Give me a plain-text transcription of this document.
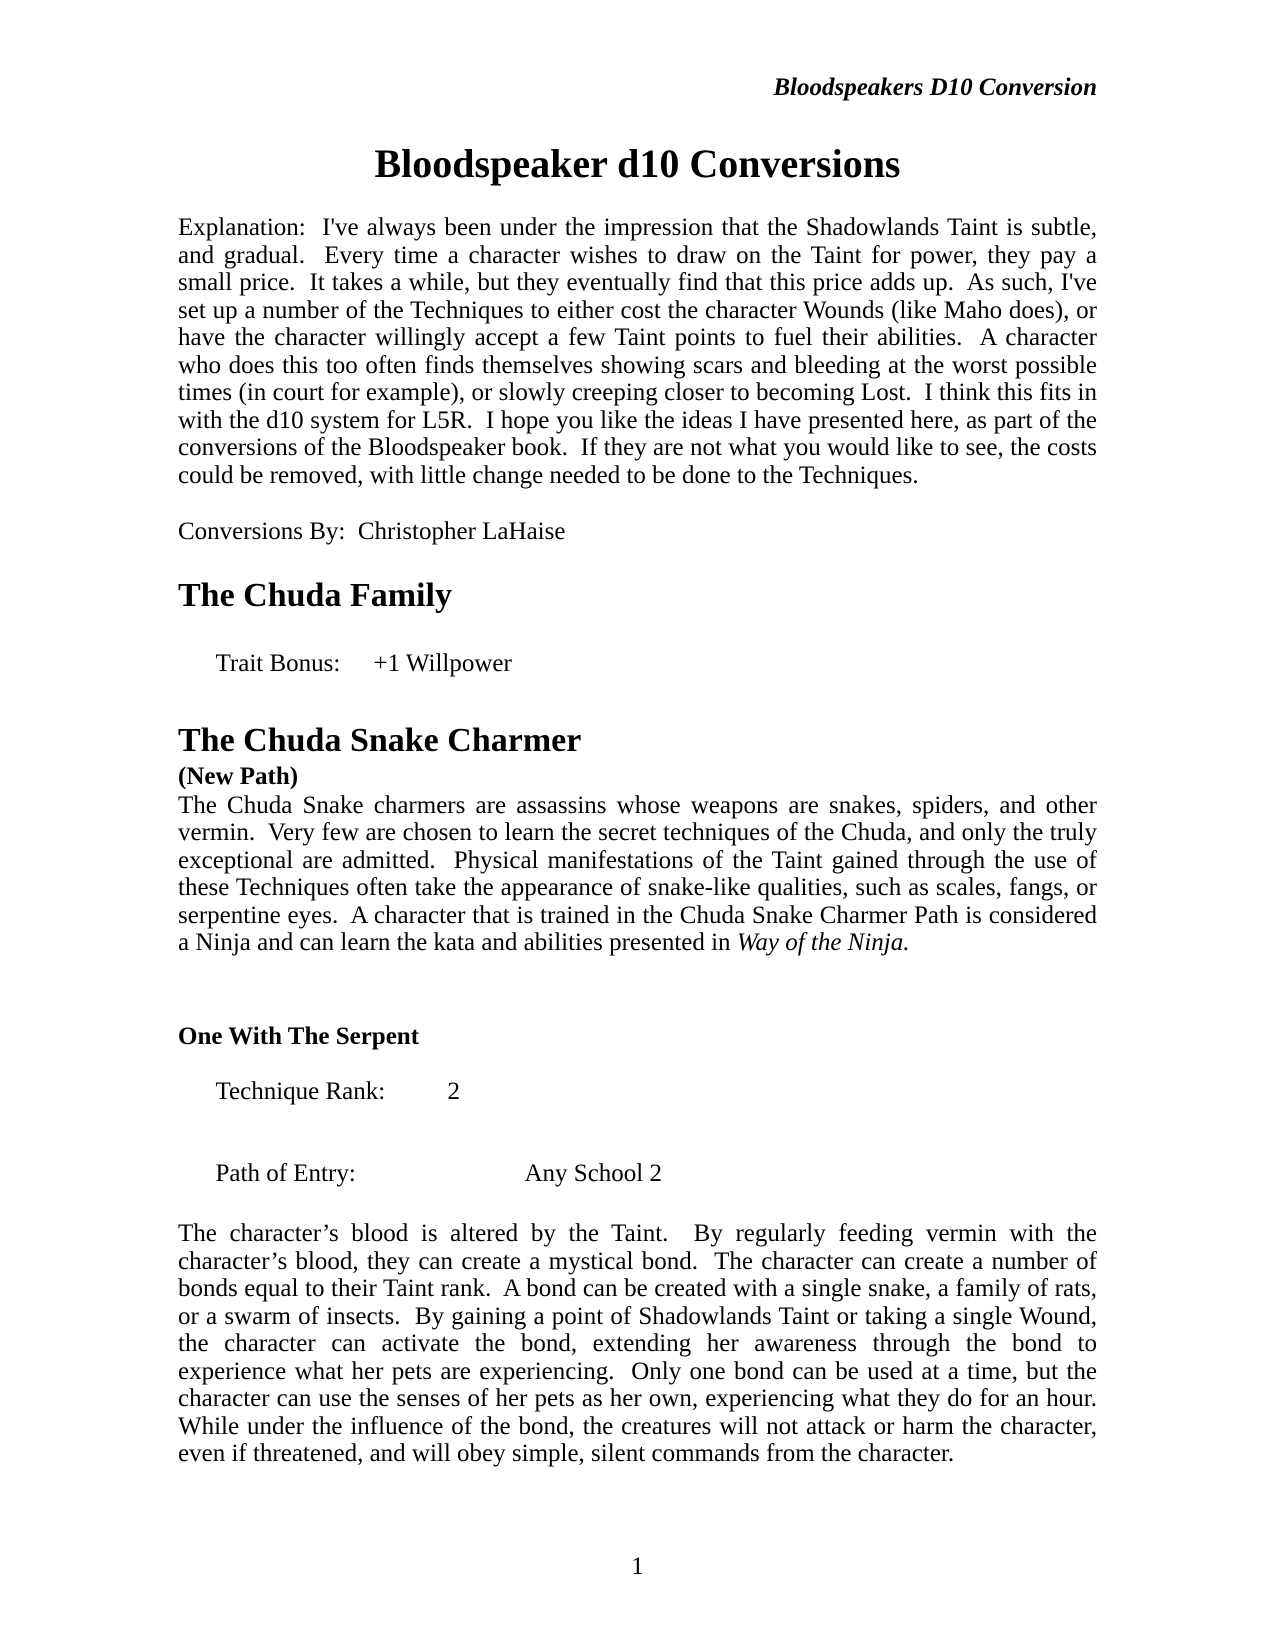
Bloodspeakers D10 Conversion
Bloodspeaker d10 Conversions

Explanation:  I've always been under the impression that the Shadowlands Taint is subtle, and gradual.  Every time a character wishes to draw on the Taint for power, they pay a small price.  It takes a while, but they eventually find that this price adds up.  As such, I've set up a number of the Techniques to either cost the character Wounds (like Maho does), or have the character willingly accept a few Taint points to fuel their abilities.  A character who does this too often finds themselves showing scars and bleeding at the worst possible times (in court for example), or slowly creeping closer to becoming Lost.  I think this fits in with the d10 system for L5R.  I hope you like the ideas I have presented here, as part of the conversions of the Bloodspeaker book.  If they are not what you would like to see, the costs could be removed, with little change needed to be done to the Techniques.

Conversions By:  Christopher LaHaise
The Chuda Family

Trait Bonus: +1 Willpower

The Chuda Snake Charmer
(New Path)

The Chuda Snake charmers are assassins whose weapons are snakes, spiders, and other vermin.  Very few are chosen to learn the secret techniques of the Chuda, and only the truly exceptional are admitted.  Physical manifestations of the Taint gained through the use of these Techniques often take the appearance of snake-like qualities, such as scales, fangs, or serpentine eyes.  A character that is trained in the Chuda Snake Charmer Path is considered a Ninja and can learn the kata and abilities presented in Way of the Ninja.

One With The Serpent

Technique Rank: 2

Path of Entry:	Any School 2

The character’s blood is altered by the Taint.  By regularly feeding vermin with the character’s blood, they can create a mystical bond.  The character can create a number of bonds equal to their Taint rank.  A bond can be created with a single snake, a family of rats, or a swarm of insects.  By gaining a point of Shadowlands Taint or taking a single Wound, the character can activate the bond, extending her awareness through the bond to experience what her pets are experiencing.  Only one bond can be used at a time, but the character can use the senses of her pets as her own, experiencing what they do for an hour.  While under the influence of the bond, the creatures will not attack or harm the character, even if threatened, and will obey simple, silent commands from the character.

1
